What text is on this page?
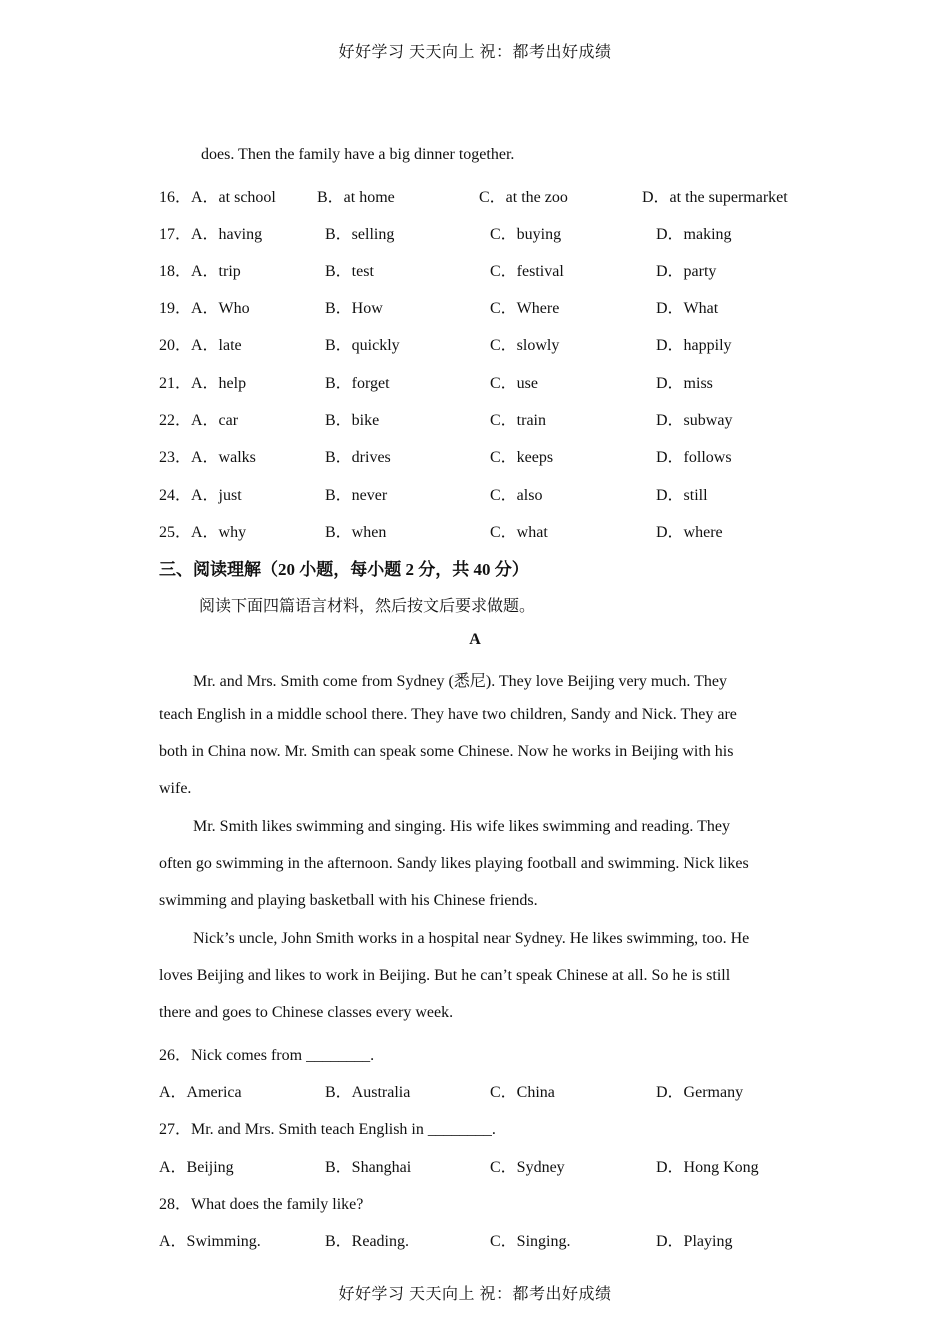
好好学习 天天向上 祝：都考出好成绩
does. Then the family have a big dinner together.
16．A．at school	B．at home	C．at the zoo	D．at the supermarket
17．A．having	B．selling	C．buying	D．making
18．A．trip	B．test	C．festival	D．party
19．A．Who	B．How	C．Where	D．What
20．A．late	B．quickly	C．slowly	D．happily
21．A．help	B．forget	C．use	D．miss
22．A．car	B．bike	C．train	D．subway
23．A．walks	B．drives	C．keeps	D．follows
24．A．just	B．never	C．also	D．still
25．A．why	B．when	C．what	D．where
三、阅读理解（20 小题，每小题 2 分，共 40 分）
阅读下面四篇语言材料，然后按文后要求做题。
A
Mr. and Mrs. Smith come from Sydney (悉尼). They love Beijing very much. They
teach English in a middle school there. They have two children, Sandy and Nick. They are
both in China now. Mr. Smith can speak some Chinese. Now he works in Beijing with his
wife.
Mr. Smith likes swimming and singing. His wife likes swimming and reading. They
often go swimming in the afternoon. Sandy likes playing football and swimming. Nick likes
swimming and playing basketball with his Chinese friends.
Nick’s uncle, John Smith works in a hospital near Sydney. He likes swimming, too. He
loves Beijing and likes to work in Beijing. But he can’t speak Chinese at all. So he is still
there and goes to Chinese classes every week.
26．Nick comes from ________.
A．America	B．Australia	C．China	D．Germany
27．Mr. and Mrs. Smith teach English in ________.
A．Beijing	B．Shanghai	C．Sydney	D．Hong Kong
28．What does the family like?
A．Swimming.	B．Reading.	C．Singing.	D．Playing
好好学习 天天向上 祝：都考出好成绩
